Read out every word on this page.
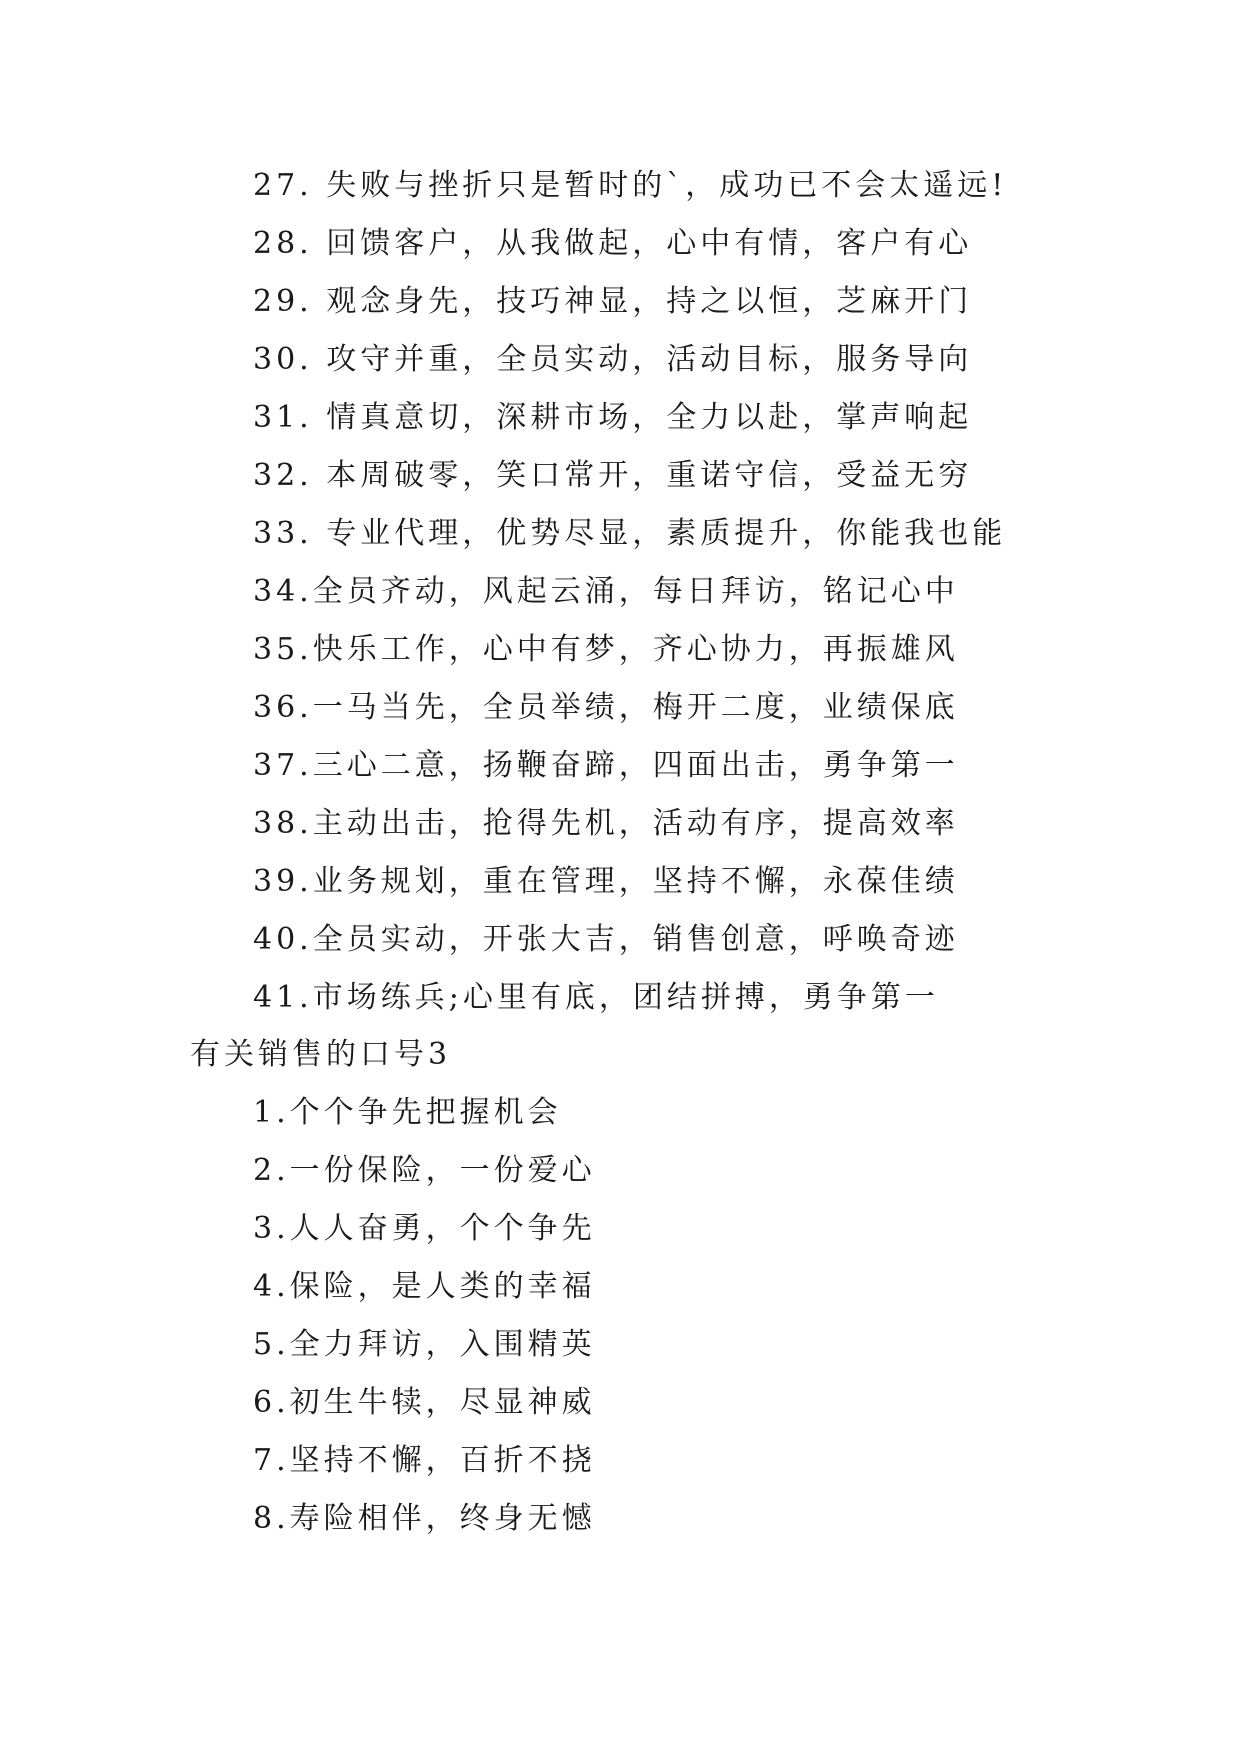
27. 失败与挫折只是暂时的`，成功已不会太遥远!
28. 回馈客户，从我做起，心中有情，客户有心
29. 观念身先，技巧神显，持之以恒，芝麻开门
30. 攻守并重，全员实动，活动目标，服务导向
31. 情真意切，深耕市场，全力以赴，掌声响起
32. 本周破零，笑口常开，重诺守信，受益无穷
33. 专业代理，优势尽显，素质提升，你能我也能
34.全员齐动，风起云涌，每日拜访，铭记心中
35.快乐工作，心中有梦，齐心协力，再振雄风
36.一马当先，全员举绩，梅开二度，业绩保底
37.三心二意，扬鞭奋蹄，四面出击，勇争第一
38.主动出击，抢得先机，活动有序，提高效率
39.业务规划，重在管理，坚持不懈，永葆佳绩
40.全员实动，开张大吉，销售创意，呼唤奇迹
41.市场练兵;心里有底，团结拼搏，勇争第一
有关销售的口号3
1.个个争先把握机会
2.一份保险，一份爱心
3.人人奋勇，个个争先
4.保险，是人类的幸福
5.全力拜访，入围精英
6.初生牛犊，尽显神威
7.坚持不懈，百折不挠
8.寿险相伴，终身无憾
